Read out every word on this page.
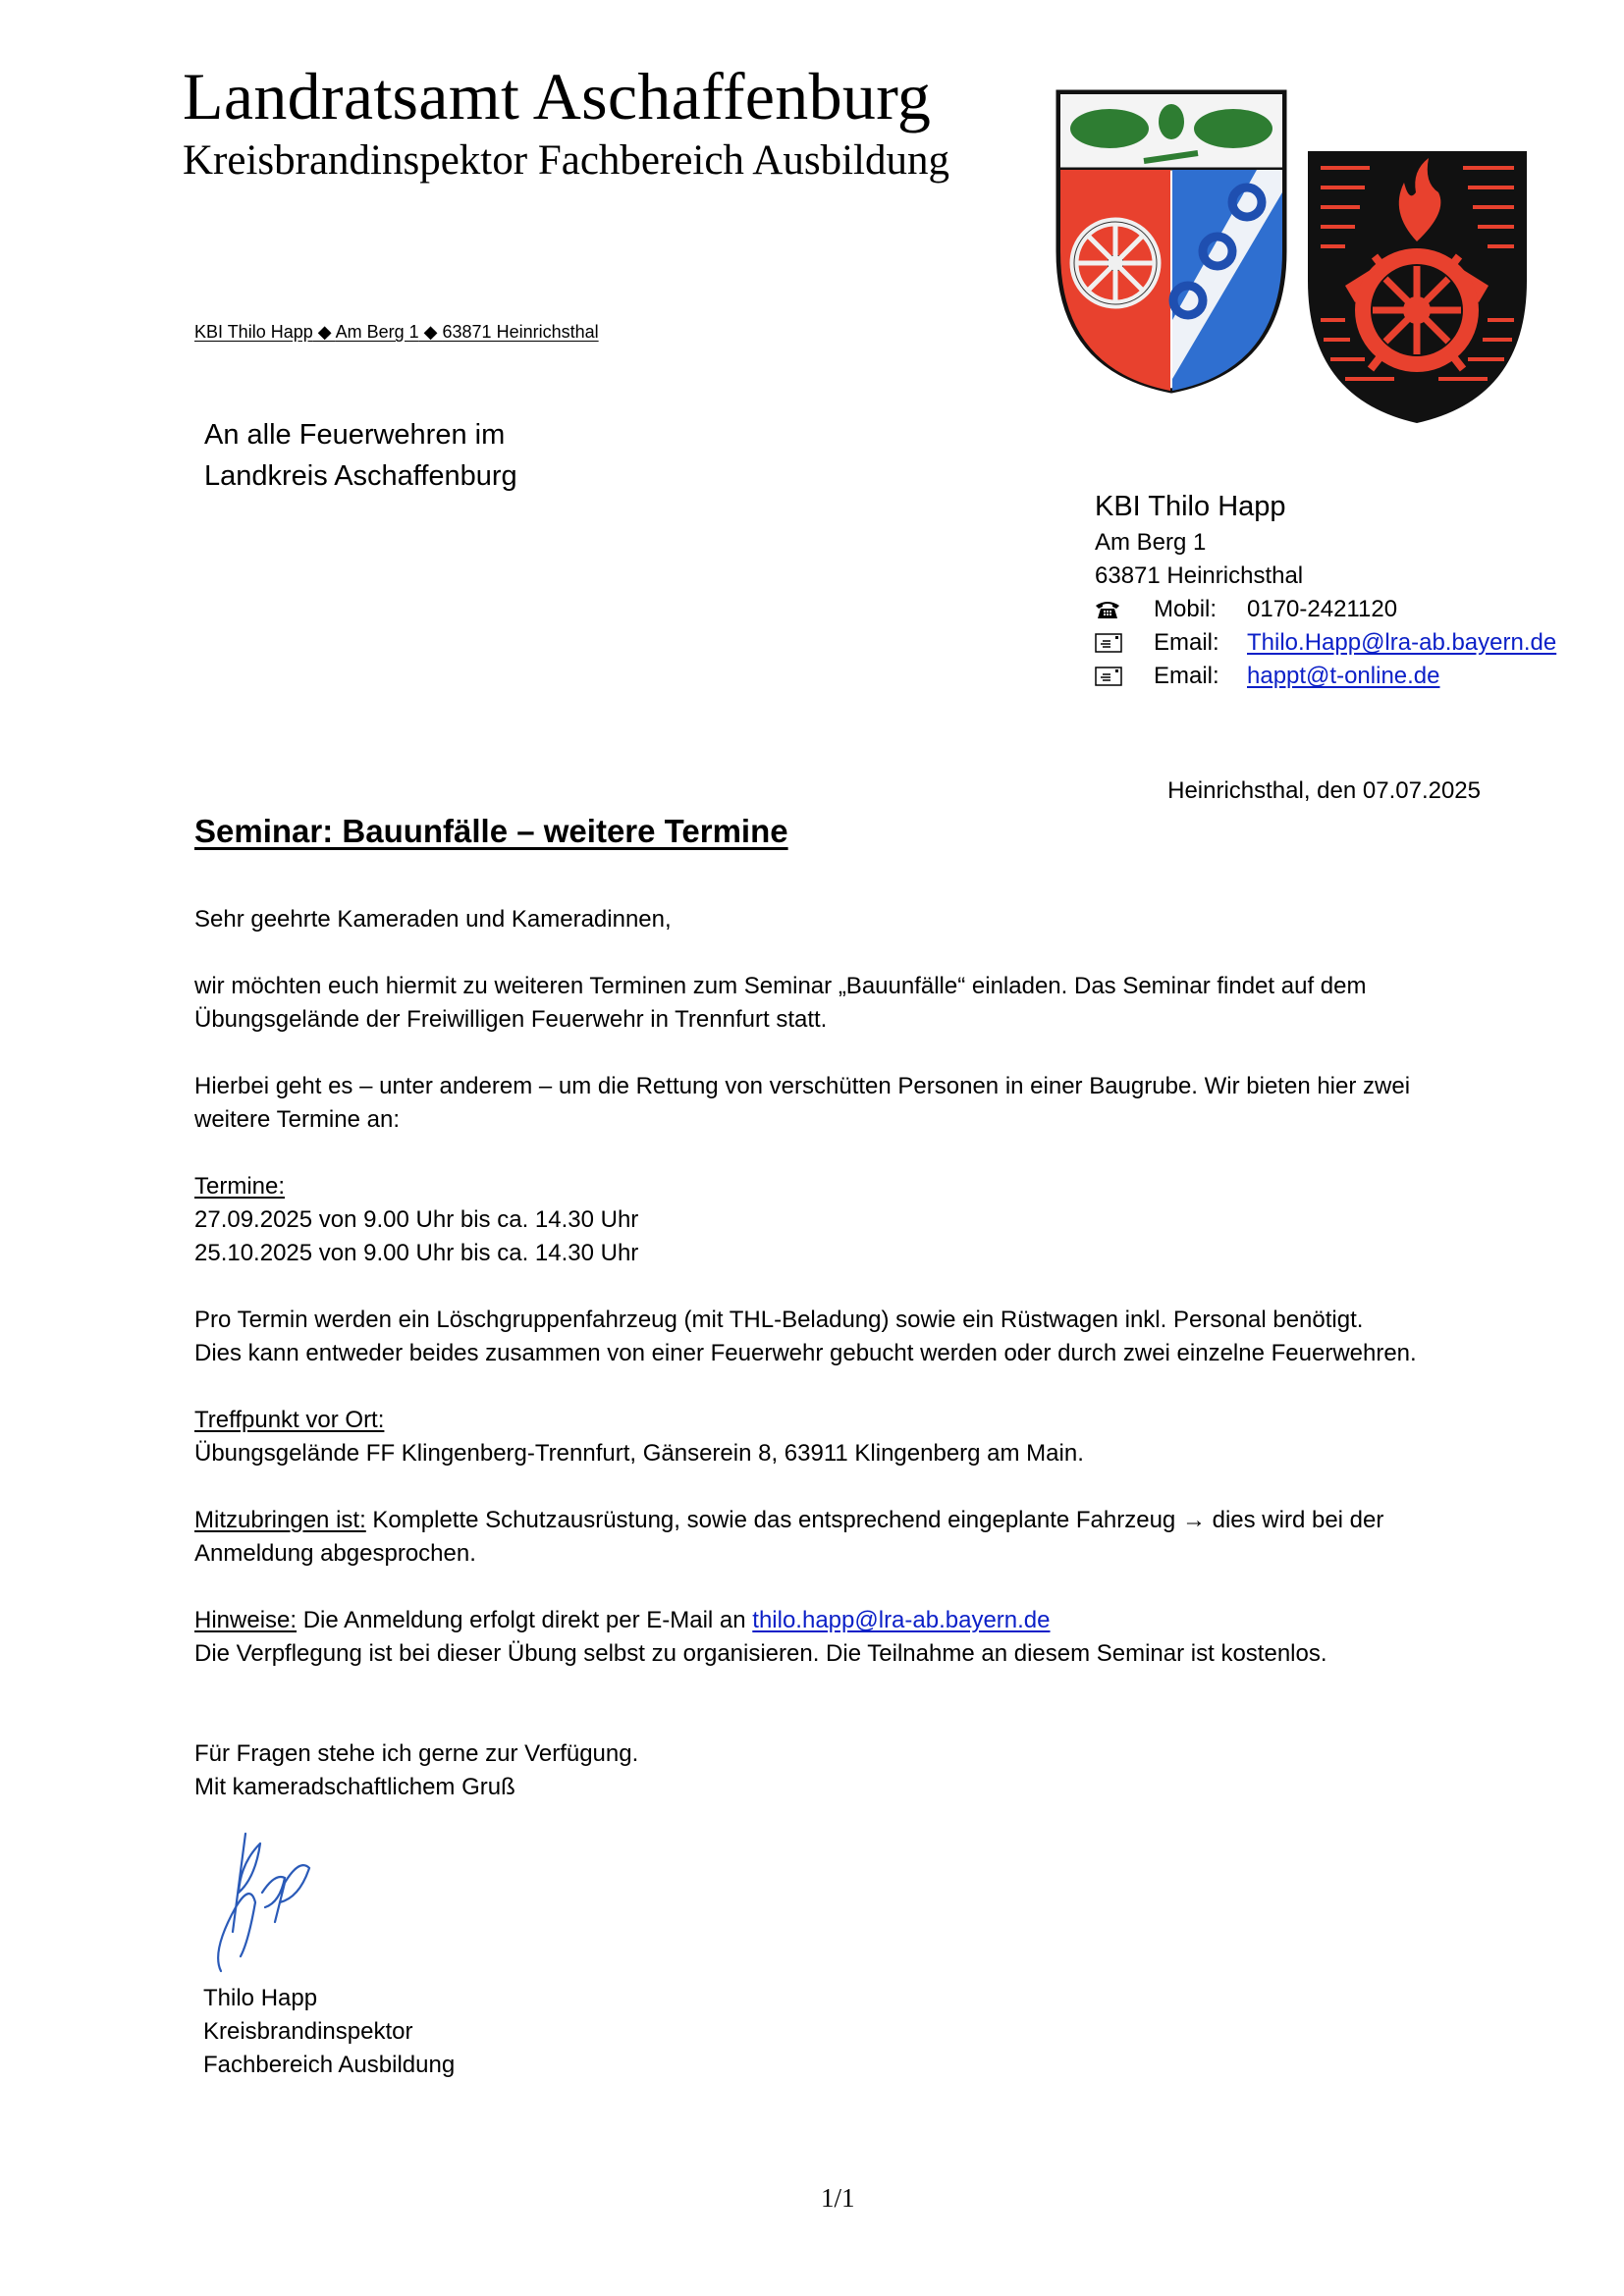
Landratsamt Aschaffenburg
Kreisbrandinspektor Fachbereich Ausbildung
KBI Thilo Happ ◆ Am Berg 1 ◆ 63871 Heinrichsthal
An alle Feuerwehren im
Landkreis Aschaffenburg
KBI Thilo Happ
Am Berg 1
63871 Heinrichsthal
Mobil:	0170-2421120
Email:	Thilo.Happ@lra-ab.bayern.de
Email:	happt@t-online.de
Heinrichsthal, den 07.07.2025
Seminar: Bauunfälle – weitere Termine
Sehr geehrte Kameraden und Kameradinnen,
wir möchten euch hiermit zu weiteren Terminen zum Seminar „Bauunfälle“ einladen. Das Seminar findet auf dem Übungsgelände der Freiwilligen Feuerwehr in Trennfurt statt.
Hierbei geht es – unter anderem – um die Rettung von verschütten Personen in einer Baugrube. Wir bieten hier zwei weitere Termine an:
Termine:
27.09.2025 von 9.00 Uhr bis ca. 14.30 Uhr
25.10.2025 von 9.00 Uhr bis ca. 14.30 Uhr
Pro Termin werden ein Löschgruppenfahrzeug (mit THL-Beladung) sowie ein Rüstwagen inkl. Personal benötigt.
Dies kann entweder beides zusammen von einer Feuerwehr gebucht werden oder durch zwei einzelne Feuerwehren.
Treffpunkt vor Ort:
Übungsgelände FF Klingenberg-Trennfurt, Gänserein 8, 63911 Klingenberg am Main.
Mitzubringen ist: Komplette Schutzausrüstung, sowie das entsprechend eingeplante Fahrzeug → dies wird bei der Anmeldung abgesprochen.
Hinweise: Die Anmeldung erfolgt direkt per E-Mail an thilo.happ@lra-ab.bayern.de
Die Verpflegung ist bei dieser Übung selbst zu organisieren. Die Teilnahme an diesem Seminar ist kostenlos.
Für Fragen stehe ich gerne zur Verfügung.
Mit kameradschaftlichem Gruß
Thilo Happ
Kreisbrandinspektor
Fachbereich Ausbildung
1/1
